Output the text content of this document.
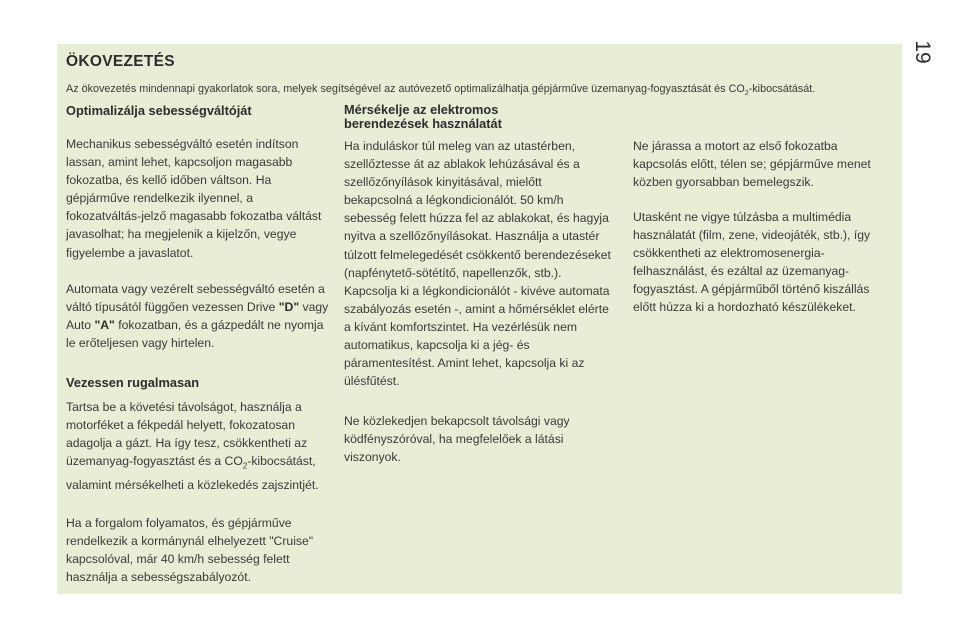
19
ÖKOVEZETÉS
Az ökovezetés mindennapi gyakorlatok sora, melyek segítségével az autóvezető optimalizálhatja gépjárműve üzemanyag-fogyasztását és $CO_2$-kibocsátását.
Optimalizálja sebességváltóját
Mechanikus sebességváltó esetén indítson lassan, amint lehet, kapcsoljon magasabb fokozatba, és kellő időben váltson. Ha gépjárműve rendelkezik ilyennel, a fokozatváltás-jelző magasabb fokozatba váltást javasolhat; ha megjelenik a kijelzőn, vegye figyelembe a javaslatot.
Automata vagy vezérelt sebességváltó esetén a váltó típusától függően vezessen Drive "D" vagy Auto "A" fokozatban, és a gázpedált ne nyomja le erőteljesen vagy hirtelen.
Vezessen rugalmasan
Tartsa be a követési távolságot, használja a motorféket a fékpedál helyett, fokozatosan adagolja a gázt. Ha így tesz, csökkentheti az üzemanyag-fogyasztást és a $CO_2$-kibocsátást, valamint mérsékelheti a közlekedés zajszintjét.
Ha a forgalom folyamatos, és gépjárműve rendelkezik a kormánynál elhelyezett "Cruise" kapcsolóval, már 40 km/h sebesség felett használja a sebességszabályozót.
Mérsékelje az elektromos berendezések használatát
Ha induláskor túl meleg van az utastérben, szellőztesse át az ablakok lehúzásával és a szellőzőnyílások kinyitásával, mielőtt bekapcsolná a légkondicionálót. 50 km/h sebesség felett húzza fel az ablakokat, és hagyja nyitva a szellőzőnyílásokat. Használja a utastér túlzott felmelegedését csökkentő berendezéseket (napfénytető-sötétítő, napellenzők, stb.). Kapcsolja ki a légkondicionálót - kivéve automata szabályozás esetén -, amint a hőmérséklet elérte a kívánt komfortszintet. Ha vezérlésük nem automatikus, kapcsolja ki a jég- és páramentesítést. Amint lehet, kapcsolja ki az ülésfűtést.
Ne közlekedjen bekapcsolt távolsági vagy ködfényszóróval, ha megfelelőek a látási viszonyok.
Ne járassa a motort az első fokozatba kapcsolás előtt, télen se; gépjárműve menet közben gyorsabban bemelegszik.
Utasként ne vigye túlzásba a multimédia használatát (film, zene, videojáték, stb.), így csökkentheti az elektromosenergia-felhasználást, és ezáltal az üzemanyag-fogyasztást. A gépjárműből történő kiszállás előtt húzza ki a hordozható készülékeket.
